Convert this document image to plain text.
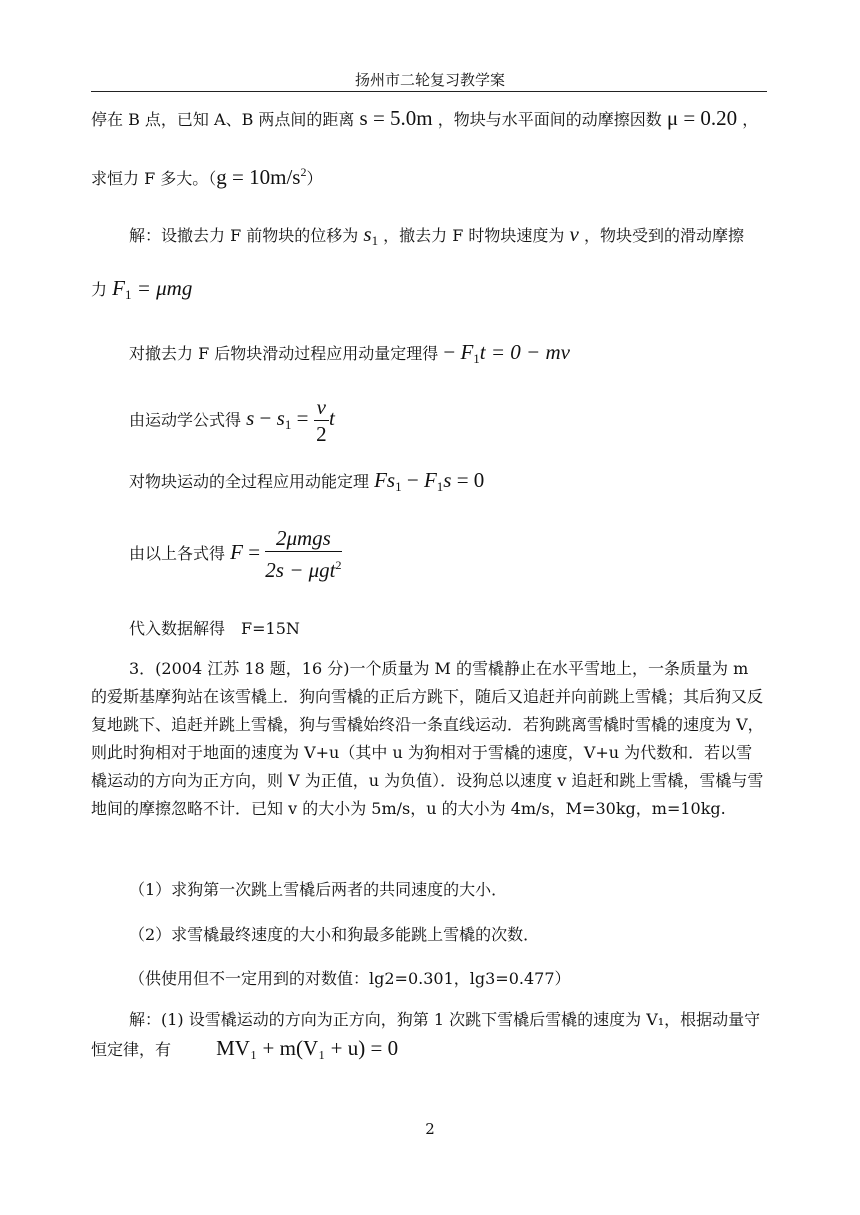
扬州市二轮复习教学案
停在 B 点，已知 A、B 两点间的距离 s = 5.0m ，物块与水平面间的动摩擦因数 μ = 0.20 ，
求恒力 F 多大。$(g = 10m/s^2)$
解：设撤去力 F 前物块的位移为 $s_1$ ，撤去力 F 时物块速度为 v ，物块受到的滑动摩擦
力 $F_1 = \mu mg$
对撤去力 F 后物块滑动过程应用动量定理得 − $F_1t = 0$ − mv
由运动学公式得 $s - s_1 = \frac{v}{2}$ t
对物块运动的全过程应用动能定理 $Fs_1 - F_1s = 0$
由以上各式得 $F = \frac{\text{2μmgs}}{2s - \mu gt^2}$
代入数据解得　F=15N
3．(2004 江苏 18 题，16 分)一个质量为 M 的雪橇静止在水平雪地上，一条质量为 m 的爱斯基摩狗站在该雪橇上．狗向雪橇的正后方跳下，随后又追赶并向前跳上雪橇；其后狗又反复地跳下、追赶并跳上雪橇，狗与雪橇始终沿一条直线运动．若狗跳离雪橇时雪橇的速度为 V，则此时狗相对于地面的速度为 V+u（其中 u 为狗相对于雪橇的速度，V+u 为代数和．若以雪橇运动的方向为正方向，则 V 为正值，u 为负值）．设狗总以速度 v 追赶和跳上雪橇，雪橇与雪地间的摩擦忽略不计．已知 v 的大小为 5m/s，u 的大小为 4m/s，M=30kg，m=10kg.
（1）求狗第一次跳上雪橇后两者的共同速度的大小．
（2）求雪橇最终速度的大小和狗最多能跳上雪橇的次数．
（供使用但不一定用到的对数值：lg2=0.301，lg3=0.477）
解：(1) 设雪橇运动的方向为正方向，狗第 1 次跳下雪橇后雪橇的速度为 V₁，根据动量守恒定律，有 MV₁ + m(V₁ + u) = 0
2
